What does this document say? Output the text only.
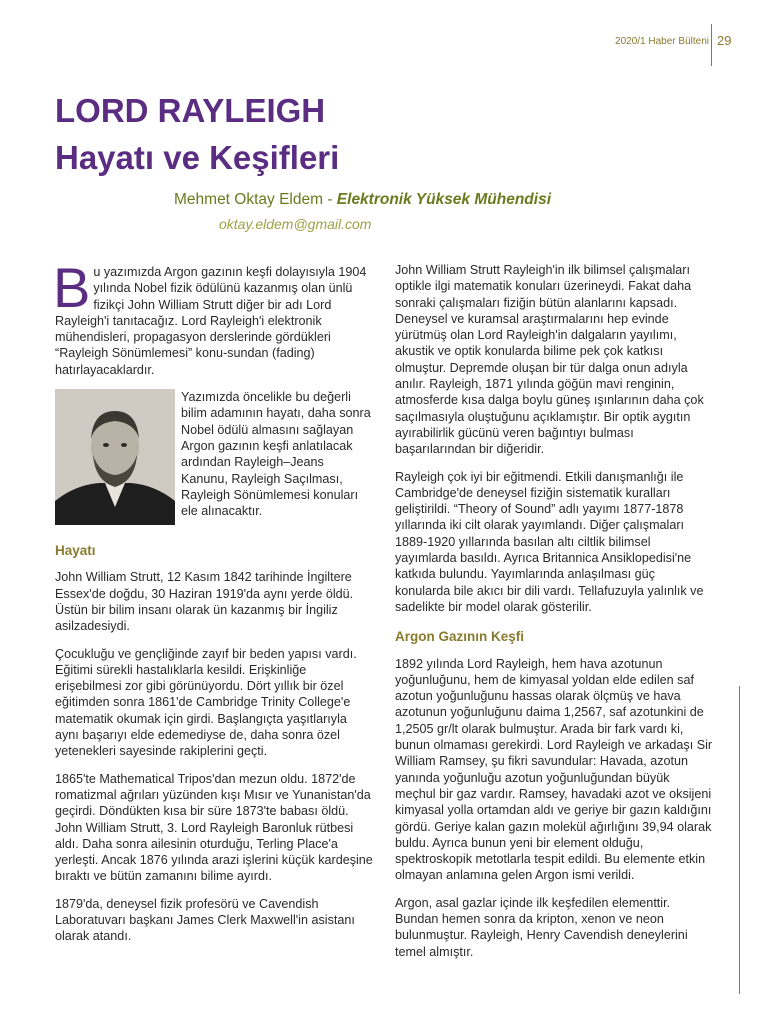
2020/1 Haber Bülteni 29
LORD RAYLEIGH
Hayatı ve Keşifleri
Mehmet Oktay Eldem - Elektronik Yüksek Mühendisi
oktay.eldem@gmail.com

Bu yazımızda Argon gazının keşfi dolayısıyla 1904 yılında Nobel fizik ödülünü kazanmış olan ünlü fizikçi John William Strutt diğer bir adı Lord Rayleigh'i tanıtacağız. Lord Rayleigh'i elektronik mühendisleri, propagasyon derslerinde gördükleri “Rayleigh Sönümlemesi” konu-sundan (fading) hatırlayacaklardır.

Yazımızda öncelikle bu değerli bilim adamının hayatı, daha sonra Nobel ödülü almasını sağlayan Argon gazının keşfi anlatılacak ardından Rayleigh–Jeans Kanunu, Rayleigh Saçılması, Rayleigh Sönümlemesi konuları ele alınacaktır.
Hayatı

John William Strutt, 12 Kasım 1842 tarihinde İngiltere Essex'de doğdu, 30 Haziran 1919'da aynı yerde öldü. Üstün bir bilim insanı olarak ün kazanmış bir İngiliz asilzadesiydi.

Çocukluğu ve gençliğinde zayıf bir beden yapısı vardı. Eğitimi sürekli hastalıklarla kesildi. Erişkinliğe erişebilmesi zor gibi görünüyordu. Dört yıllık bir özel eğitimden sonra 1861'de Cambridge Trinity College'e matematik okumak için girdi. Başlangıçta yaşıtlarıyla aynı başarıyı elde edemediyse de, daha sonra özel yetenekleri sayesinde rakiplerini geçti.

1865'te Mathematical Tripos'dan mezun oldu. 1872'de romatizmal ağrıları yüzünden kışı Mısır ve Yunanistan'da geçirdi. Döndükten kısa bir süre 1873'te babası öldü. John William Strutt, 3. Lord Rayleigh Baronluk rütbesi aldı. Daha sonra ailesinin oturduğu, Terling Place'a yerleşti. Ancak 1876 yılında arazi işlerini küçük kardeşine bıraktı ve bütün zamanını bilime ayırdı.

1879'da, deneysel fizik profesörü ve Cavendish Laboratuvarı başkanı James Clerk Maxwell'in asistanı olarak atandı.

John William Strutt Rayleigh'in ilk bilimsel çalışmaları optikle ilgi matematik konuları üzerineydi. Fakat daha sonraki çalışmaları fiziğin bütün alanlarını kapsadı. Deneysel ve kuramsal araştırmalarını hep evinde yürütmüş olan Lord Rayleigh'in dalgaların yayılımı, akustik ve optik konularda bilime pek çok katkısı olmuştur. Depremde oluşan bir tür dalga onun adıyla anılır. Rayleigh, 1871 yılında göğün mavi renginin, atmosferde kısa dalga boylu güneş ışınlarının daha çok saçılmasıyla oluştuğunu açıklamıştır. Bir optik aygıtın ayırabilirlik gücünü veren bağıntıyı bulması başarılarından bir diğeridir.

Rayleigh çok iyi bir eğitmendi. Etkili danışmanlığı ile Cambridge'de deneysel fiziğin sistematik kuralları geliştirildi. “Theory of Sound” adlı yayımı 1877-1878 yıllarında iki cilt olarak yayımlandı. Diğer çalışmaları 1889-1920 yıllarında basılan altı ciltlik bilimsel yayımlarda basıldı. Ayrıca Britannica Ansiklopedisi'ne katkıda bulundu. Yayımlarında anlaşılması güç konularda bile akıcı bir dili vardı. Tellafuzuyla yalınlık ve sadelikte bir model olarak gösterilir.

Argon Gazının Keşfi

1892 yılında Lord Rayleigh, hem hava azotunun yoğunluğunu, hem de kimyasal yoldan elde edilen saf azotun yoğunluğunu hassas olarak ölçmüş ve hava azotunun yoğunluğunu daima 1,2567, saf azotunkini de 1,2505 gr/lt olarak bulmuştur. Arada bir fark vardı ki, bunun olmaması gerekirdi. Lord Rayleigh ve arkadaşı Sir William Ramsey, şu fikri savundular: Havada, azotun yanında yoğunluğu azotun yoğunluğundan büyük meçhul bir gaz vardır. Ramsey, havadaki azot ve oksijeni kimyasal yolla ortamdan aldı ve geriye bir gazın kaldığını gördü. Geriye kalan gazın molekül ağırlığını 39,94 olarak buldu. Ayrıca bunun yeni bir element olduğu, spektroskopik metotlarla tespit edildi. Bu elemente etkin olmayan anlamına gelen Argon ismi verildi.

Argon, asal gazlar içinde ilk keşfedilen elementtir. Bundan hemen sonra da kripton, xenon ve neon bulunmuştur. Rayleigh, Henry Cavendish deneylerini temel almıştır.
